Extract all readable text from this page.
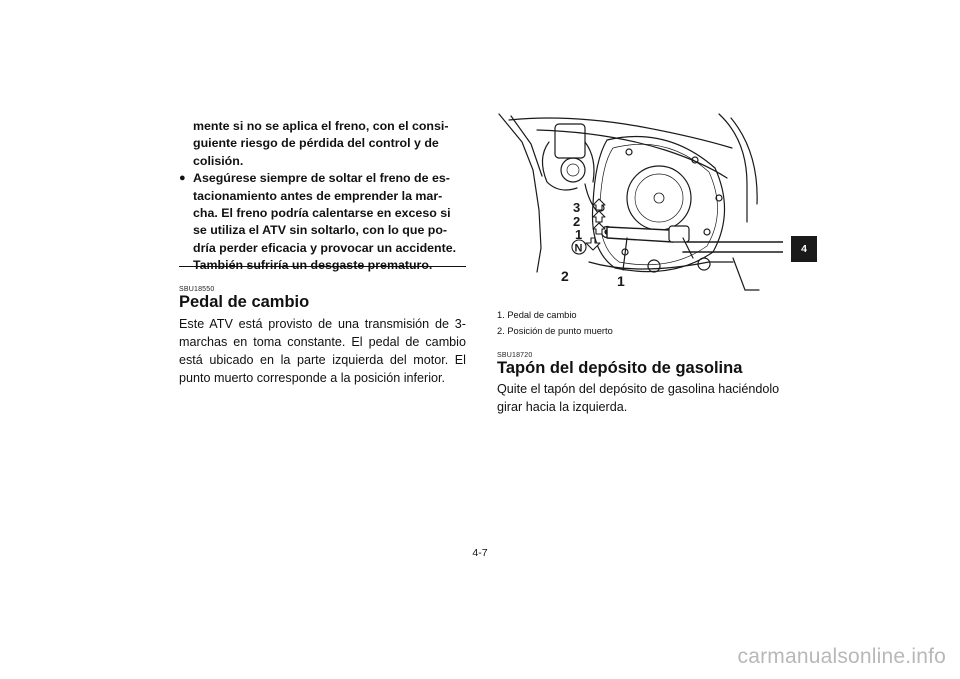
mente si no se aplica el freno, con el consi-
guiente riesgo de pérdida del control y de
colisión.
● Asegúrese siempre de soltar el freno de es-
tacionamiento antes de emprender la mar-
cha. El freno podría calentarse en exceso si
se utiliza el ATV sin soltarlo, con lo que po-
dría perder eficacia y provocar un accidente.
También sufriría un desgaste prematuro.
SBU18550
Pedal de cambio
Este ATV está provisto de una transmisión de 3-marchas en toma constante. El pedal de cambio está ubicado en la parte izquierda del motor. El punto muerto corresponde a la posición inferior.
3
2
1
N
2	1
1. Pedal de cambio
2. Posición de punto muerto
SBU18720
Tapón del depósito de gasolina
Quite el tapón del depósito de gasolina haciéndolo girar hacia la izquierda.
4-7
4
carmanualsonline.info
